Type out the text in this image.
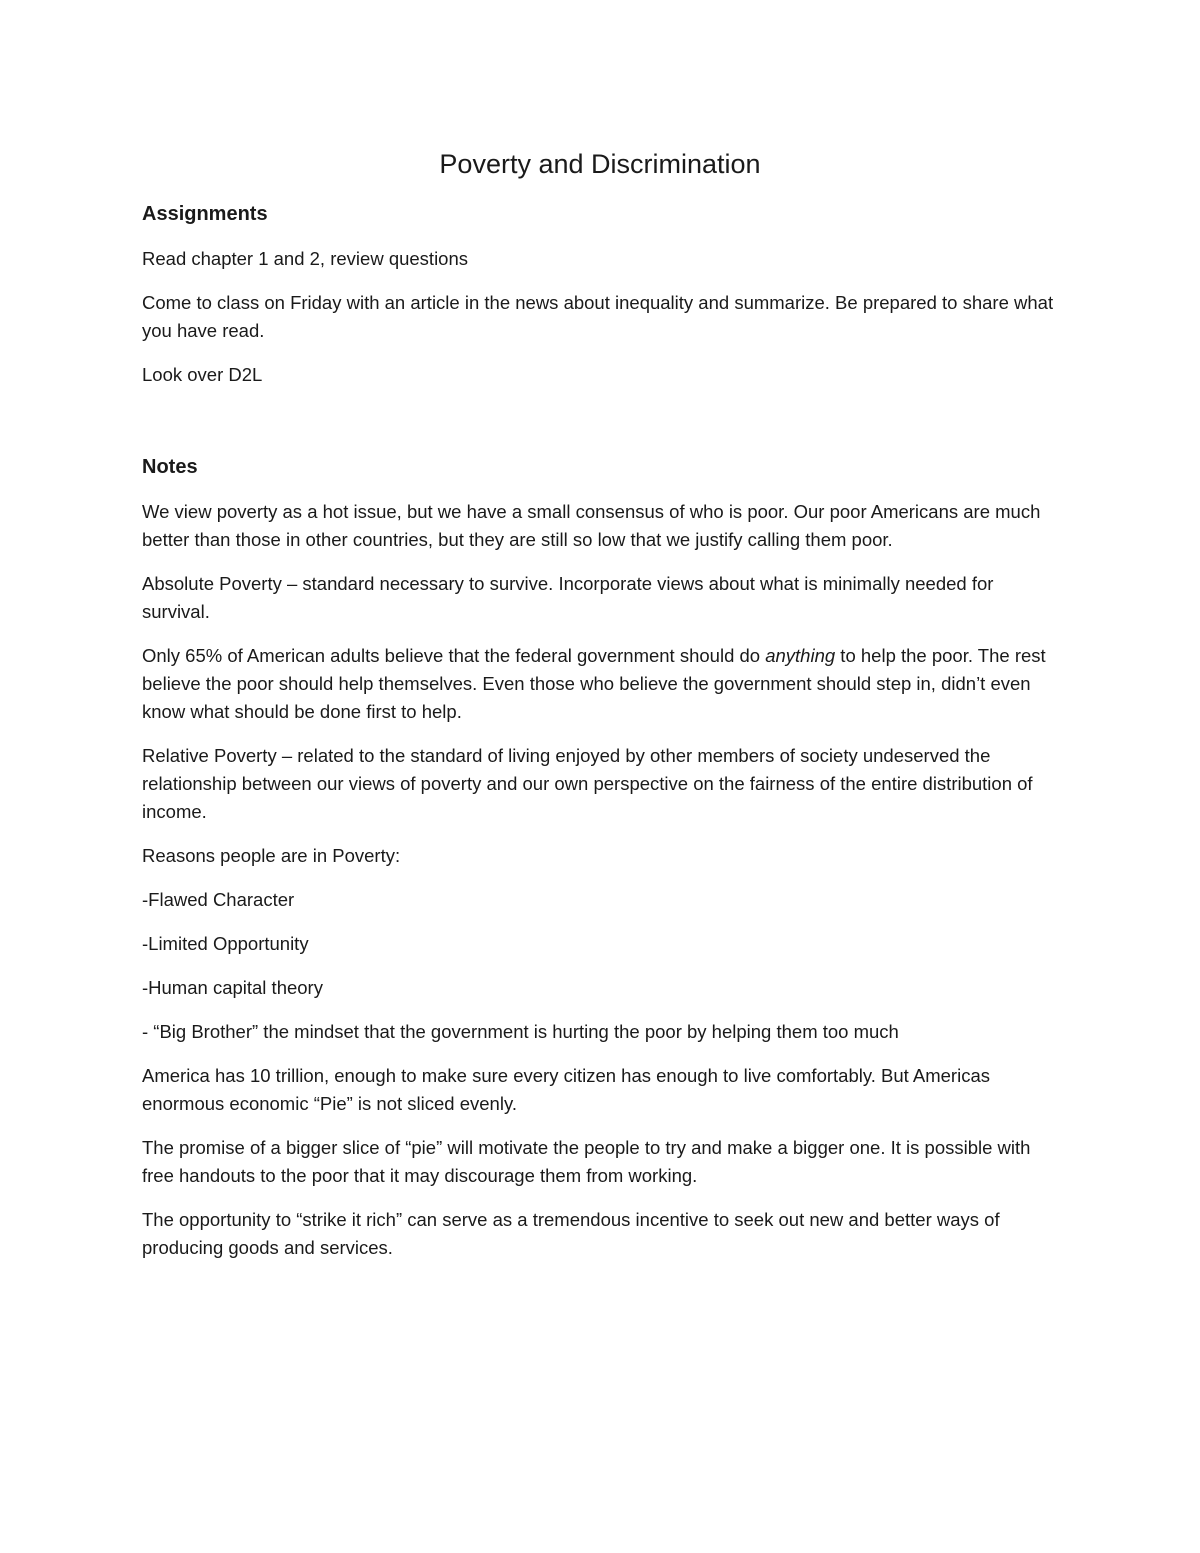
Poverty and Discrimination
Assignments

Read chapter 1 and 2, review questions

Come to class on Friday with an article in the news about inequality and summarize. Be prepared to share what you have read.

Look over D2L

Notes

We view poverty as a hot issue, but we have a small consensus of who is poor. Our poor Americans are much better than those in other countries, but they are still so low that we justify calling them poor.

Absolute Poverty – standard necessary to survive. Incorporate views about what is minimally needed for survival.

Only 65% of American adults believe that the federal government should do anything to help the poor. The rest believe the poor should help themselves. Even those who believe the government should step in, didn’t even know what should be done first to help.

Relative Poverty – related to the standard of living enjoyed by other members of society undeserved the relationship between our views of poverty and our own perspective on the fairness of the entire distribution of income.

Reasons people are in Poverty:

-Flawed Character

-Limited Opportunity

-Human capital theory

- “Big Brother” the mindset that the government is hurting the poor by helping them too much

America has 10 trillion, enough to make sure every citizen has enough to live comfortably. But Americas enormous economic “Pie” is not sliced evenly.

The promise of a bigger slice of “pie” will motivate the people to try and make a bigger one. It is possible with free handouts to the poor that it may discourage them from working.

The opportunity to “strike it rich” can serve as a tremendous incentive to seek out new and better ways of producing goods and services.
